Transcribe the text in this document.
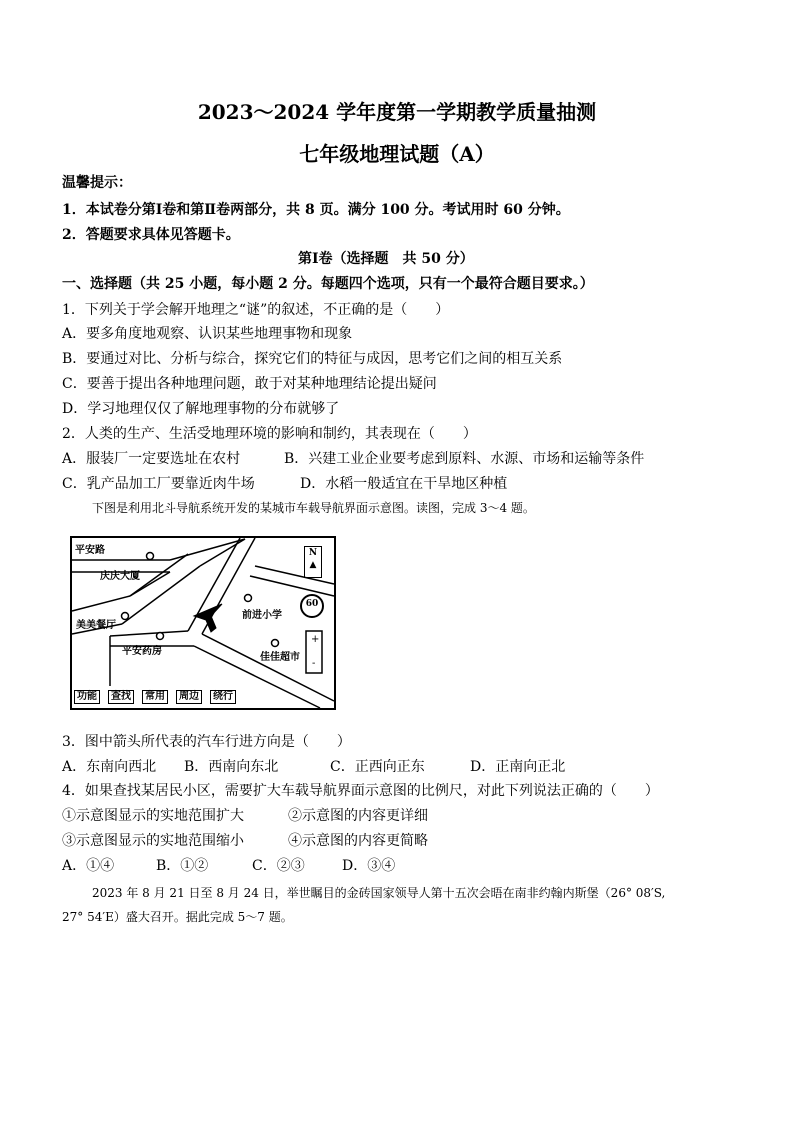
2023～2024 学年度第一学期教学质量抽测
七年级地理试题（A）
温馨提示：
1．本试卷分第Ⅰ卷和第Ⅱ卷两部分，共 8 页。满分 100 分。考试用时 60 分钟。
2．答题要求具体见答题卡。
第Ⅰ卷（选择题　共 50 分）
一、选择题（共 25 小题，每小题 2 分。每题四个选项，只有一个最符合题目要求。）
1．下列关于学会解开地理之“谜”的叙述，不正确的是（　　）
A．要多角度地观察、认识某些地理事物和现象
B．要通过对比、分析与综合，探究它们的特征与成因，思考它们之间的相互关系
C．要善于提出各种地理问题，敢于对某种地理结论提出疑问
D．学习地理仅仅了解地理事物的分布就够了
2．人类的生产、生活受地理环境的影响和制约，其表现在（　　）
A．服装厂一定要选址在农村	B．兴建工业企业要考虑到原料、水源、市场和运输等条件
C．乳产品加工厂要靠近肉牛场	D．水稻一般适宜在干旱地区种植
下图是利用北斗导航系统开发的某城市车载导航界面示意图。读图，完成 3～4 题。
平安路
庆庆大厦
美美餐厅
平安药房
前进小学
佳佳超市
N
▲
60
+
-
功能	查找	常用	周边	绕行
3．图中箭头所代表的汽车行进方向是（　　）
A．东南向西北 B．西南向东北	C．正西向正东	D．正南向正北
4．如果查找某居民小区，需要扩大车载导航界面示意图的比例尺，对此下列说法正确的（　　）
①示意图显示的实地范围扩大	②示意图的内容更详细
③示意图显示的实地范围缩小	④示意图的内容更简略
A．①④	B．①②	C．②③	D．③④
2023 年 8 月 21 日至 8 月 24 日，举世瞩目的金砖国家领导人第十五次会晤在南非约翰内斯堡（26° 08′S,
27° 54′E）盛大召开。据此完成 5～7 题。
